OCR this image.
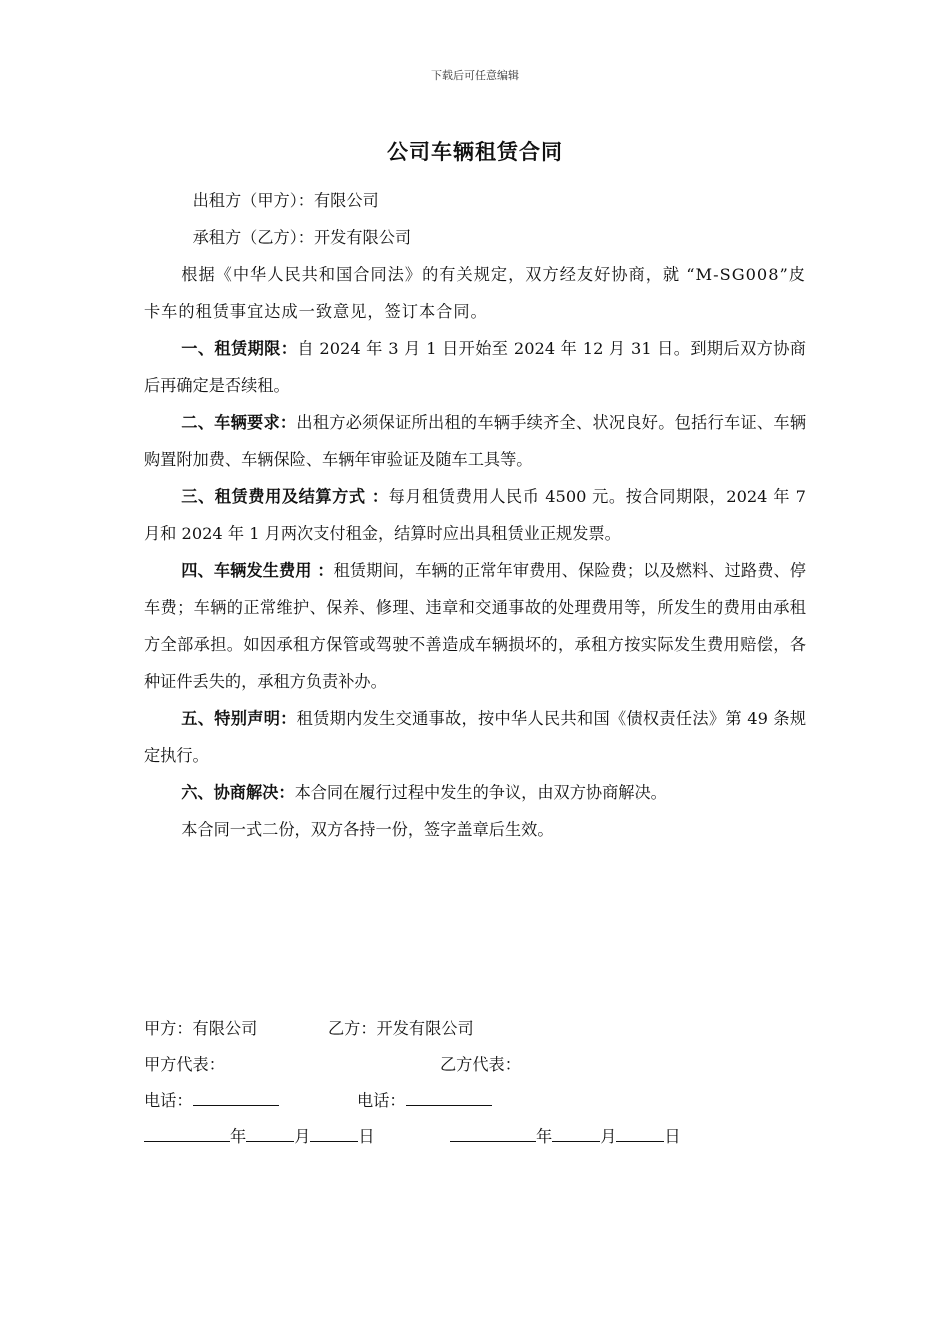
下载后可任意编辑
公司车辆租赁合同

出租方（甲方）：有限公司

承租方（乙方）：开发有限公司

根据《中华人民共和国合同法》的有关规定，双方经友好协商，就 “M-SG008”皮卡车的租赁事宜达成一致意见，签订本合同。

一、租赁期限：自 2024 年 3 月 1 日开始至 2024 年 12 月 31 日。到期后双方协商后再确定是否续租。

二、车辆要求：出租方必须保证所出租的车辆手续齐全、状况良好。包括行车证、车辆购置附加费、车辆保险、车辆年审验证及随车工具等。

三、租赁费用及结算方式 ：每月租赁费用人民币 4500 元。按合同期限，2024 年 7 月和 2024 年 1 月两次支付租金，结算时应出具租赁业正规发票。

四、车辆发生费用 ：租赁期间，车辆的正常年审费用、保险费；以及燃料、过路费、停车费；车辆的正常维护、保养、修理、违章和交通事故的处理费用等，所发生的费用由承租方全部承担。如因承租方保管或驾驶不善造成车辆损坏的，承租方按实际发生费用赔偿，各种证件丢失的，承租方负责补办。

五、特别声明：租赁期内发生交通事故，按中华人民共和国《债权责任法》第 49 条规定执行。

六、协商解决：本合同在履行过程中发生的争议，由双方协商解决。

本合同一式二份，双方各持一份，签字盖章后生效。

甲方：有限公司	乙方：开发有限公司
甲方代表：	乙方代表：
电话：	电话：
年	月	日	年	月	日
